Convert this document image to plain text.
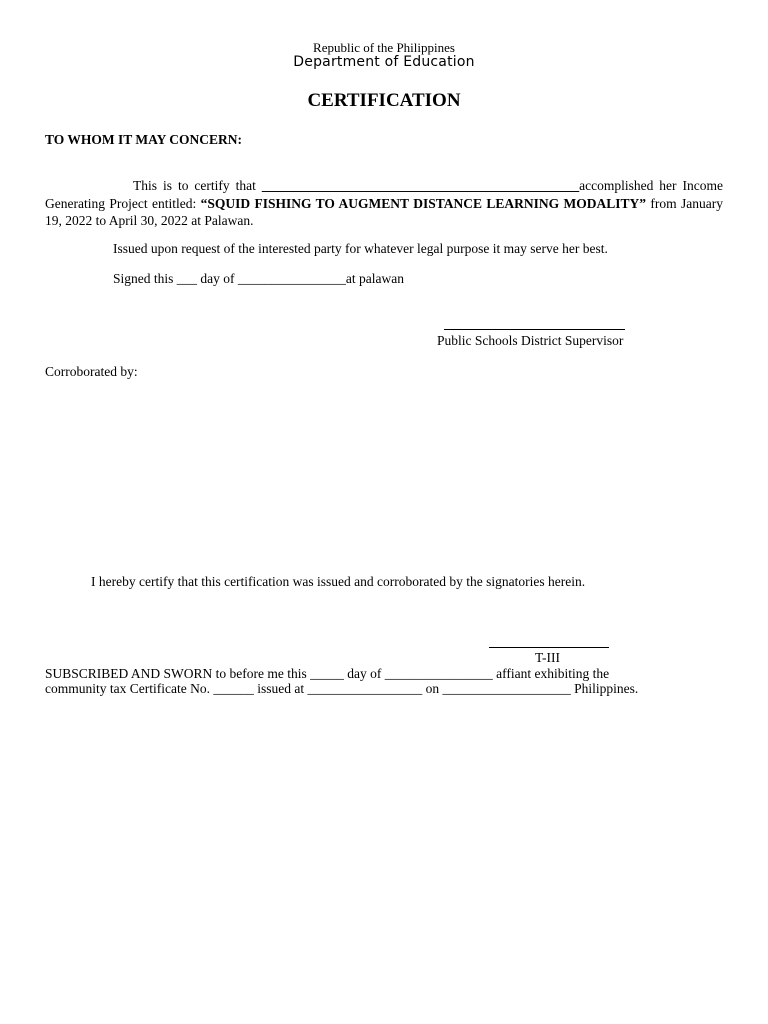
Republic of the Philippines
Department of Education
CERTIFICATION
TO WHOM IT MAY CONCERN:
This is to certify that _______________________________________________accomplished her Income Generating Project entitled: “SQUID FISHING TO AUGMENT DISTANCE LEARNING MODALITY” from January 19, 2022 to April 30, 2022 at Palawan.
Issued upon request of the interested party for whatever legal purpose it may serve her best.
Signed this ___ day of ________________at palawan
Public Schools District Supervisor
Corroborated by:
I hereby certify that this certification was issued and corroborated by the signatories herein.
T-III
SUBSCRIBED AND SWORN to before me this _____ day of ________________ affiant exhibiting the
community tax Certificate No. ______ issued at _________________ on ___________________ Philippines.
